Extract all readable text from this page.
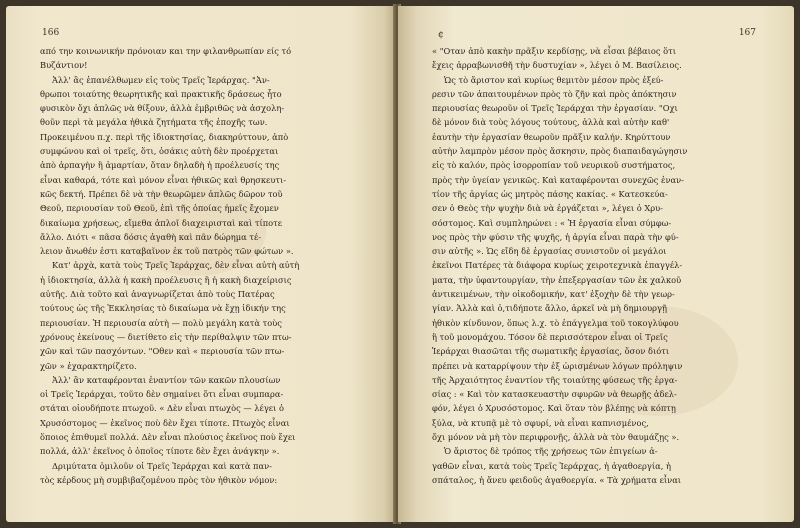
166
από την κοινωνικήν πρόνοιαν και την φιλανθρωπίαν είς τό
Βυζάντιον!
Ἀλλ' ἂς ἐπανέλθωμεν εἰς τοὺς Τρεῖς Ἱεράρχας. "Ἀν-
θρωποι τοιαύτης θεωρητικῆς καὶ πρακτικῆς δράσεως ἦτο
φυσικὸν ὄχι ἁπλῶς νὰ θίξουν, ἀλλὰ ἐμβριθῶς νὰ ἀσχολη-
θοῦν περὶ τὰ μεγάλα ἠθικὰ ζητήματα τῆς ἐποχῆς των.
Προκειμένου π.χ. περὶ τῆς ἰδιοκτησίας, διακηρύττουν, ἀπὸ
συμφώνου καὶ οἱ τρεῖς, ὅτι, ὁσάκις αὐτὴ δὲν προέρχεται
ἀπὸ ἁρπαγὴν ἢ ἁμαρτίαν, ὅταν δηλαδὴ ἡ προέλευσίς της
εἶναι καθαρά, τότε καὶ μόνον εἶναι ἠθικῶς καὶ θρησκευτι-
κῶς δεκτή. Πρέπει δὲ νὰ τὴν θεωρῶμεν ἁπλῶς δῶρον τοῦ
Θεοῦ, περιουσίαν τοῦ Θεοῦ, ἐπὶ τῆς ὁποίας ἡμεῖς ἔχομεν
δικαίωμα χρήσεως, εἴμεθα ἁπλοῖ διαχειρισταὶ καὶ τίποτε
ἄλλο. Διότι « πᾶσα δόσις ἀγαθὴ καὶ πᾶν δώρημα τέ-
λειον ἄνωθέν ἐστι καταβαῖνον ἐκ τοῦ πατρὸς τῶν φώτων ».
Κατ' ἀρχὰ, κατὰ τοὺς Τρεῖς Ἱεράρχας, δὲν εἶναι αὐτὴ αὐτὴ
ἡ ἰδιοκτησία, ἀλλὰ ἡ κακὴ προέλευσις ἢ ἡ κακὴ διαχείρισις
αὐτῆς. Διὰ τοῦτο καὶ ἀναγνωρίζεται ἀπὸ τοὺς Πατέρας
τούτους ὡς τῆς Ἐκκλησίας τὸ δικαίωμα νὰ ἔχῃ ἰδικήν της
περιουσίαν. Ἡ περιουσία αὐτὴ — πολὺ μεγάλη κατὰ τοὺς
χρόνους ἐκείνους — διετίθετο εἰς τὴν περίθαλψιν τῶν πτω-
χῶν καὶ τῶν πασχόντων. "Οθεν καὶ « περιουσία τῶν πτω-
χῶν » ἐχαρακτηρίζετο.
Ἀλλ' ἂν καταφέρονται ἐναντίον τῶν κακῶν πλουσίων
οἱ Τρεῖς Ἱεράρχαι, τοῦτο δὲν σημαίνει ὅτι εἶναι συμπαρα-
στάται οἱουδήποτε πτωχοῦ. « Δὲν εἶναι πτωχὸς — λέγει ὁ
Χρυσόστομος — ἐκεῖνος ποὺ δὲν ἔχει τίποτε. Πτωχὸς εἶναι
ὅποιος ἐπιθυμεῖ πολλά. Δὲν εἶναι πλούσιος ἐκεῖνος ποὺ ἔχει
πολλά, ἀλλ' ἐκεῖνος ὁ ὁποῖος τίποτε δὲν ἔχει ἀνάγκην ».
Δριμύτατα ὁμιλοῦν οἱ Τρεῖς Ἱεράρχαι καὶ κατὰ παν-
τὸς κέρδους μὴ συμβιβαζομένου πρὸς τὸν ἠθικὸν νόμον:
¢	167
« "Οταν ἀπὸ κακὴν πρᾶξιν κερδίσῃς, νὰ εἶσαι βέβαιος ὅτι
ἔχεις ἀρραβωνισθῆ τὴν δυστυχίαν », λέγει ὁ Μ. Βασίλειος.
Ὡς τὸ ἄριστον καὶ κυρίως θεμιτὸν μέσον πρὸς ἐξεύ-
ρεσιν τῶν ἀπαιτουμένων πρὸς τὸ ζῆν καὶ πρὸς ἀπόκτησιν
περιουσίας θεωροῦν οἱ Τρεῖς Ἱεράρχαι τὴν ἐργασίαν. "Οχι
δὲ μόνον διὰ τοὺς λόγους τούτους, ἀλλὰ καὶ αὐτὴν καθ'
ἑαυτὴν τὴν ἐργασίαν θεωροῦν πρᾶξιν καλήν. Κηρύττουν
αὐτὴν λαμπρὸν μέσον πρὸς ἄσκησιν, πρὸς διαπαιδαγώγησιν
εἰς τὸ καλόν, πρὸς ἰσορροπίαν τοῦ νευρικοῦ συστήματος,
πρὸς τὴν ὑγείαν γενικῶς. Καὶ καταφέρονται συνεχῶς ἐναν-
τίον τῆς ἀργίας ὡς μητρὸς πάσης κακίας. « Κατεσκεύα-
σεν ὁ Θεὸς τὴν ψυχὴν διὰ νὰ ἐργάζεται », λέγει ὁ Χρυ-
σόστομος. Καὶ συμπληρώνει : « Ἡ ἐργασία εἶναι σύμφω-
νος πρὸς τὴν φύσιν τῆς ψυχῆς, ἡ ἀργία εἶναι παρὰ τὴν φύ-
σιν αὐτῆς ». Ὡς εἴδη δὲ ἐργασίας συνιστοῦν οἱ μεγάλοι
ἐκεῖνοι Πατέρες τὰ διάφορα κυρίως χειροτεχνικὰ ἐπαγγέλ-
ματα, τὴν ὑφαντουργίαν, τὴν ἐπεξεργασίαν τῶν ἐκ χαλκοῦ
ἀντικειμένων, τὴν οἰκοδομικήν, κατ' ἐξοχὴν δὲ τὴν γεωρ-
γίαν. Ἀλλὰ καὶ ὁ,τιδήποτε ἄλλο, ἀρκεῖ νὰ μὴ δημιουργῇ
ἠθικὸν κίνδυνον, ὅπως λ.χ. τὸ ἐπάγγελμα τοῦ τοκογλύφου
ἢ τοῦ μονομάχου. Τόσον δὲ περισσότερον εἶναι οἱ Τρεῖς
Ἱεράρχαι θιασῶται τῆς σωματικῆς ἐργασίας, ὅσον διότι
πρέπει νὰ καταρρίψουν τὴν ἐξ ὡρισμένων λόγων πρόληψιν
τῆς Ἀρχαιότητος ἐναντίον τῆς τοιαύτης φύσεως τῆς ἐργα-
σίας : « Καὶ τὸν κατασκευαστὴν σφυρῶν νὰ θεωρῇς ἀδελ-
φόν, λέγει ὁ Χρυσόστομος. Καὶ ὅταν τὸν βλέπῃς νὰ κόπτῃ
ξύλα, νὰ κτυπᾷ μὲ τὸ σφυρί, νὰ εἶναι καπνισμένος,
ὄχι μόνον νὰ μὴ τὸν περιφρονῇς, ἀλλὰ νὰ τὸν θαυμάζῃς ».
Ὁ ἄριστος δὲ τρόπος τῆς χρήσεως τῶν ἐπιγείων ἀ-
γαθῶν εἶναι, κατὰ τοὺς Τρεῖς Ἱεράρχας, ἡ ἀγαθοεργία, ἡ
σπάταλος, ἡ ἄνευ φειδοῦς ἀγαθοεργία. « Τὰ χρήματα εἶναι
